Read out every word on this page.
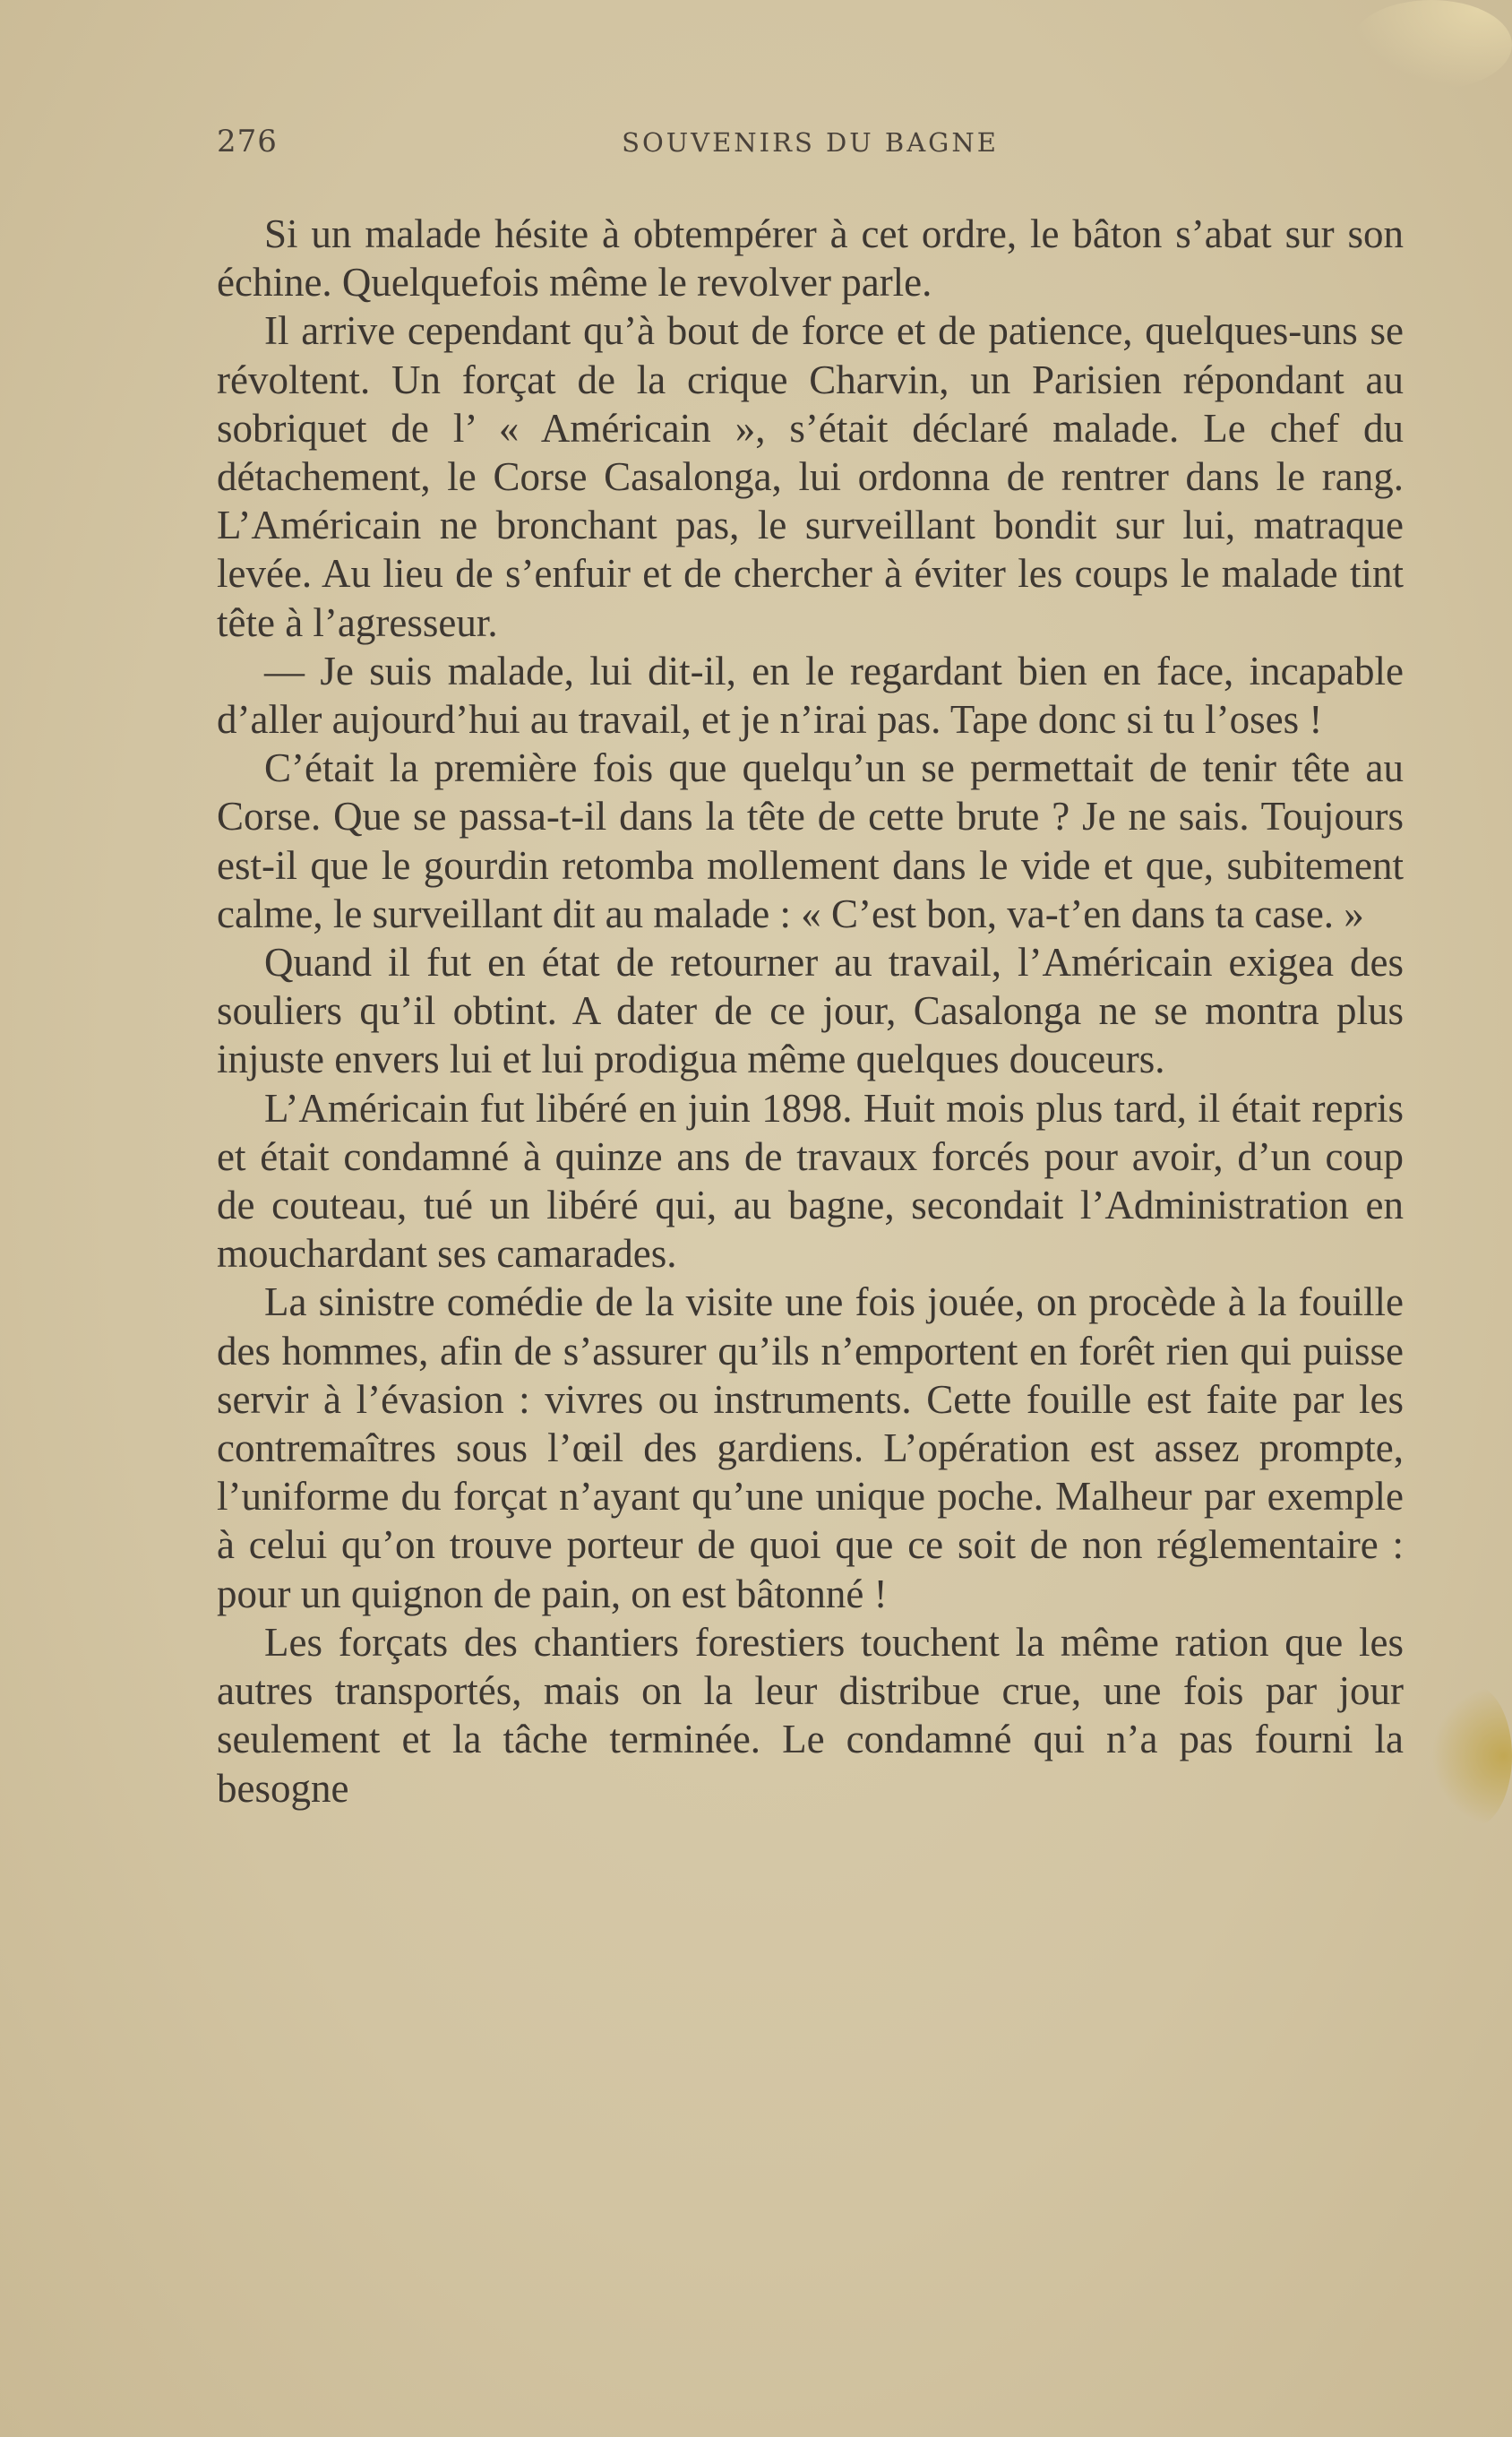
276	SOUVENIRS DU BAGNE

Si un malade hésite à obtempérer à cet ordre, le bâton s’abat sur son échine. Quelquefois même le revolver parle.

Il arrive cependant qu’à bout de force et de patience, quelques-uns se révoltent. Un forçat de la crique Charvin, un Parisien répondant au sobriquet de l’ « Américain », s’était déclaré malade. Le chef du détachement, le Corse Casalonga, lui ordonna de rentrer dans le rang. L’Américain ne bronchant pas, le surveillant bondit sur lui, matraque levée. Au lieu de s’enfuir et de chercher à éviter les coups le malade tint tête à l’agresseur.

— Je suis malade, lui dit-il, en le regardant bien en face, incapable d’aller aujourd’hui au travail, et je n’irai pas. Tape donc si tu l’oses !

C’était la première fois que quelqu’un se permettait de tenir tête au Corse. Que se passa-t-il dans la tête de cette brute ? Je ne sais. Toujours est-il que le gourdin retomba mollement dans le vide et que, subitement calme, le surveillant dit au malade : « C’est bon, va-t’en dans ta case. »

Quand il fut en état de retourner au travail, l’Américain exigea des souliers qu’il obtint. A dater de ce jour, Casalonga ne se montra plus injuste envers lui et lui prodigua même quelques douceurs.

L’Américain fut libéré en juin 1898. Huit mois plus tard, il était repris et était condamné à quinze ans de travaux forcés pour avoir, d’un coup de couteau, tué un libéré qui, au bagne, secondait l’Administration en mouchardant ses camarades.

La sinistre comédie de la visite une fois jouée, on procède à la fouille des hommes, afin de s’assurer qu’ils n’emportent en forêt rien qui puisse servir à l’évasion : vivres ou instruments. Cette fouille est faite par les contremaîtres sous l’œil des gardiens. L’opération est assez prompte, l’uniforme du forçat n’ayant qu’une unique poche. Malheur par exemple à celui qu’on trouve porteur de quoi que ce soit de non réglementaire : pour un quignon de pain, on est bâtonné !

Les forçats des chantiers forestiers touchent la même ration que les autres transportés, mais on la leur distribue crue, une fois par jour seulement et la tâche terminée. Le condamné qui n’a pas fourni la besogne
